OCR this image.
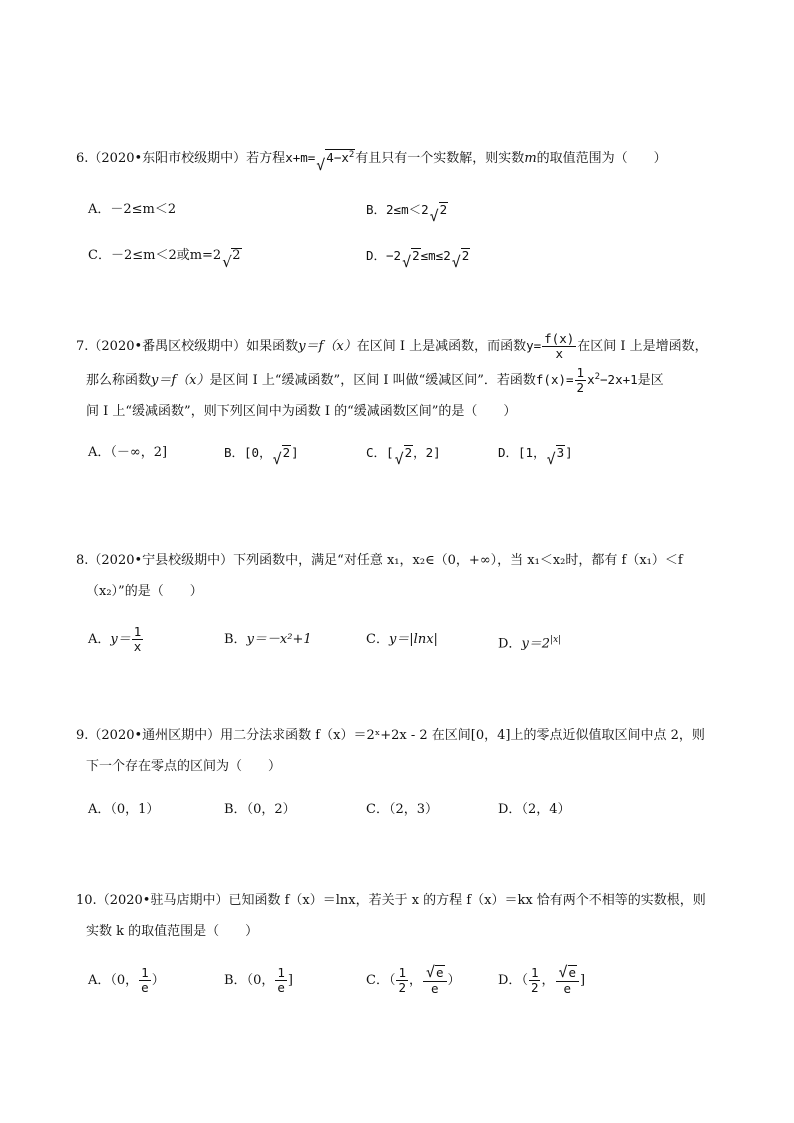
6.（2020•东阳市校级期中）若方程x+m= √ $4-x^2$有且只有一个实数解，则实数m的取值范围为（　　）
A．－2≤m＜2	B．2≤m＜2 √ 2
C．－2≤m＜2或m=2 √ 2	D．−2 √ 2≤m≤2 √ 2
7.（2020•番禺区校级期中）如果函数y＝f（x）在区间 I 上是减函数，而函数$y= \frac{f(x)}{x}$ 在区间 I 上是增函数，
那么称函数y＝f（x）是区间 I 上“缓减函数”，区间 I 叫做“缓减区间”．若函数$f(x)= \frac{1}{2} x^2-2x+1$是区
间 I 上“缓减函数”，则下列区间中为函数 I 的“缓减函数区间”的是（　　）
A．（－∞，2]	B．[0， √ 2]	C．[ √ 2，2]	D．[1， √ 3]
8.（2020•宁县校级期中）下列函数中，满足“对任意 x₁，x₂∈（0，+∞），当 x₁＜x₂时，都有 f（x₁）＜f
（x₂）”的是（　　）
A．$y= \frac{1}{x}$	B．y＝－x²+1	C．y＝|lnx|	D．$y=2^{|x|}$
9.（2020•通州区期中）用二分法求函数 f（x）＝2ˣ+2x - 2 在区间[0，4]上的零点近似值取区间中点 2，则
下一个存在零点的区间为（　　）
A．（0，1）	B．（0，2）	C．（2，3）	D．（2，4）
10.（2020•驻马店期中）已知函数 f（x）＝lnx，若关于 x 的方程 f（x）＝kx 恰有两个不相等的实数根，则
实数 k 的取值范围是（　　）
A．（0， $\frac{1}{e}$ ）	B．（0， $\frac{1}{e}$ ]	C．（ $\frac{1}{2}$ ， $\frac{√ e}{e}$ ）	D．（ $\frac{1}{2}$ ， $\frac{√ e}{e}$ ]
